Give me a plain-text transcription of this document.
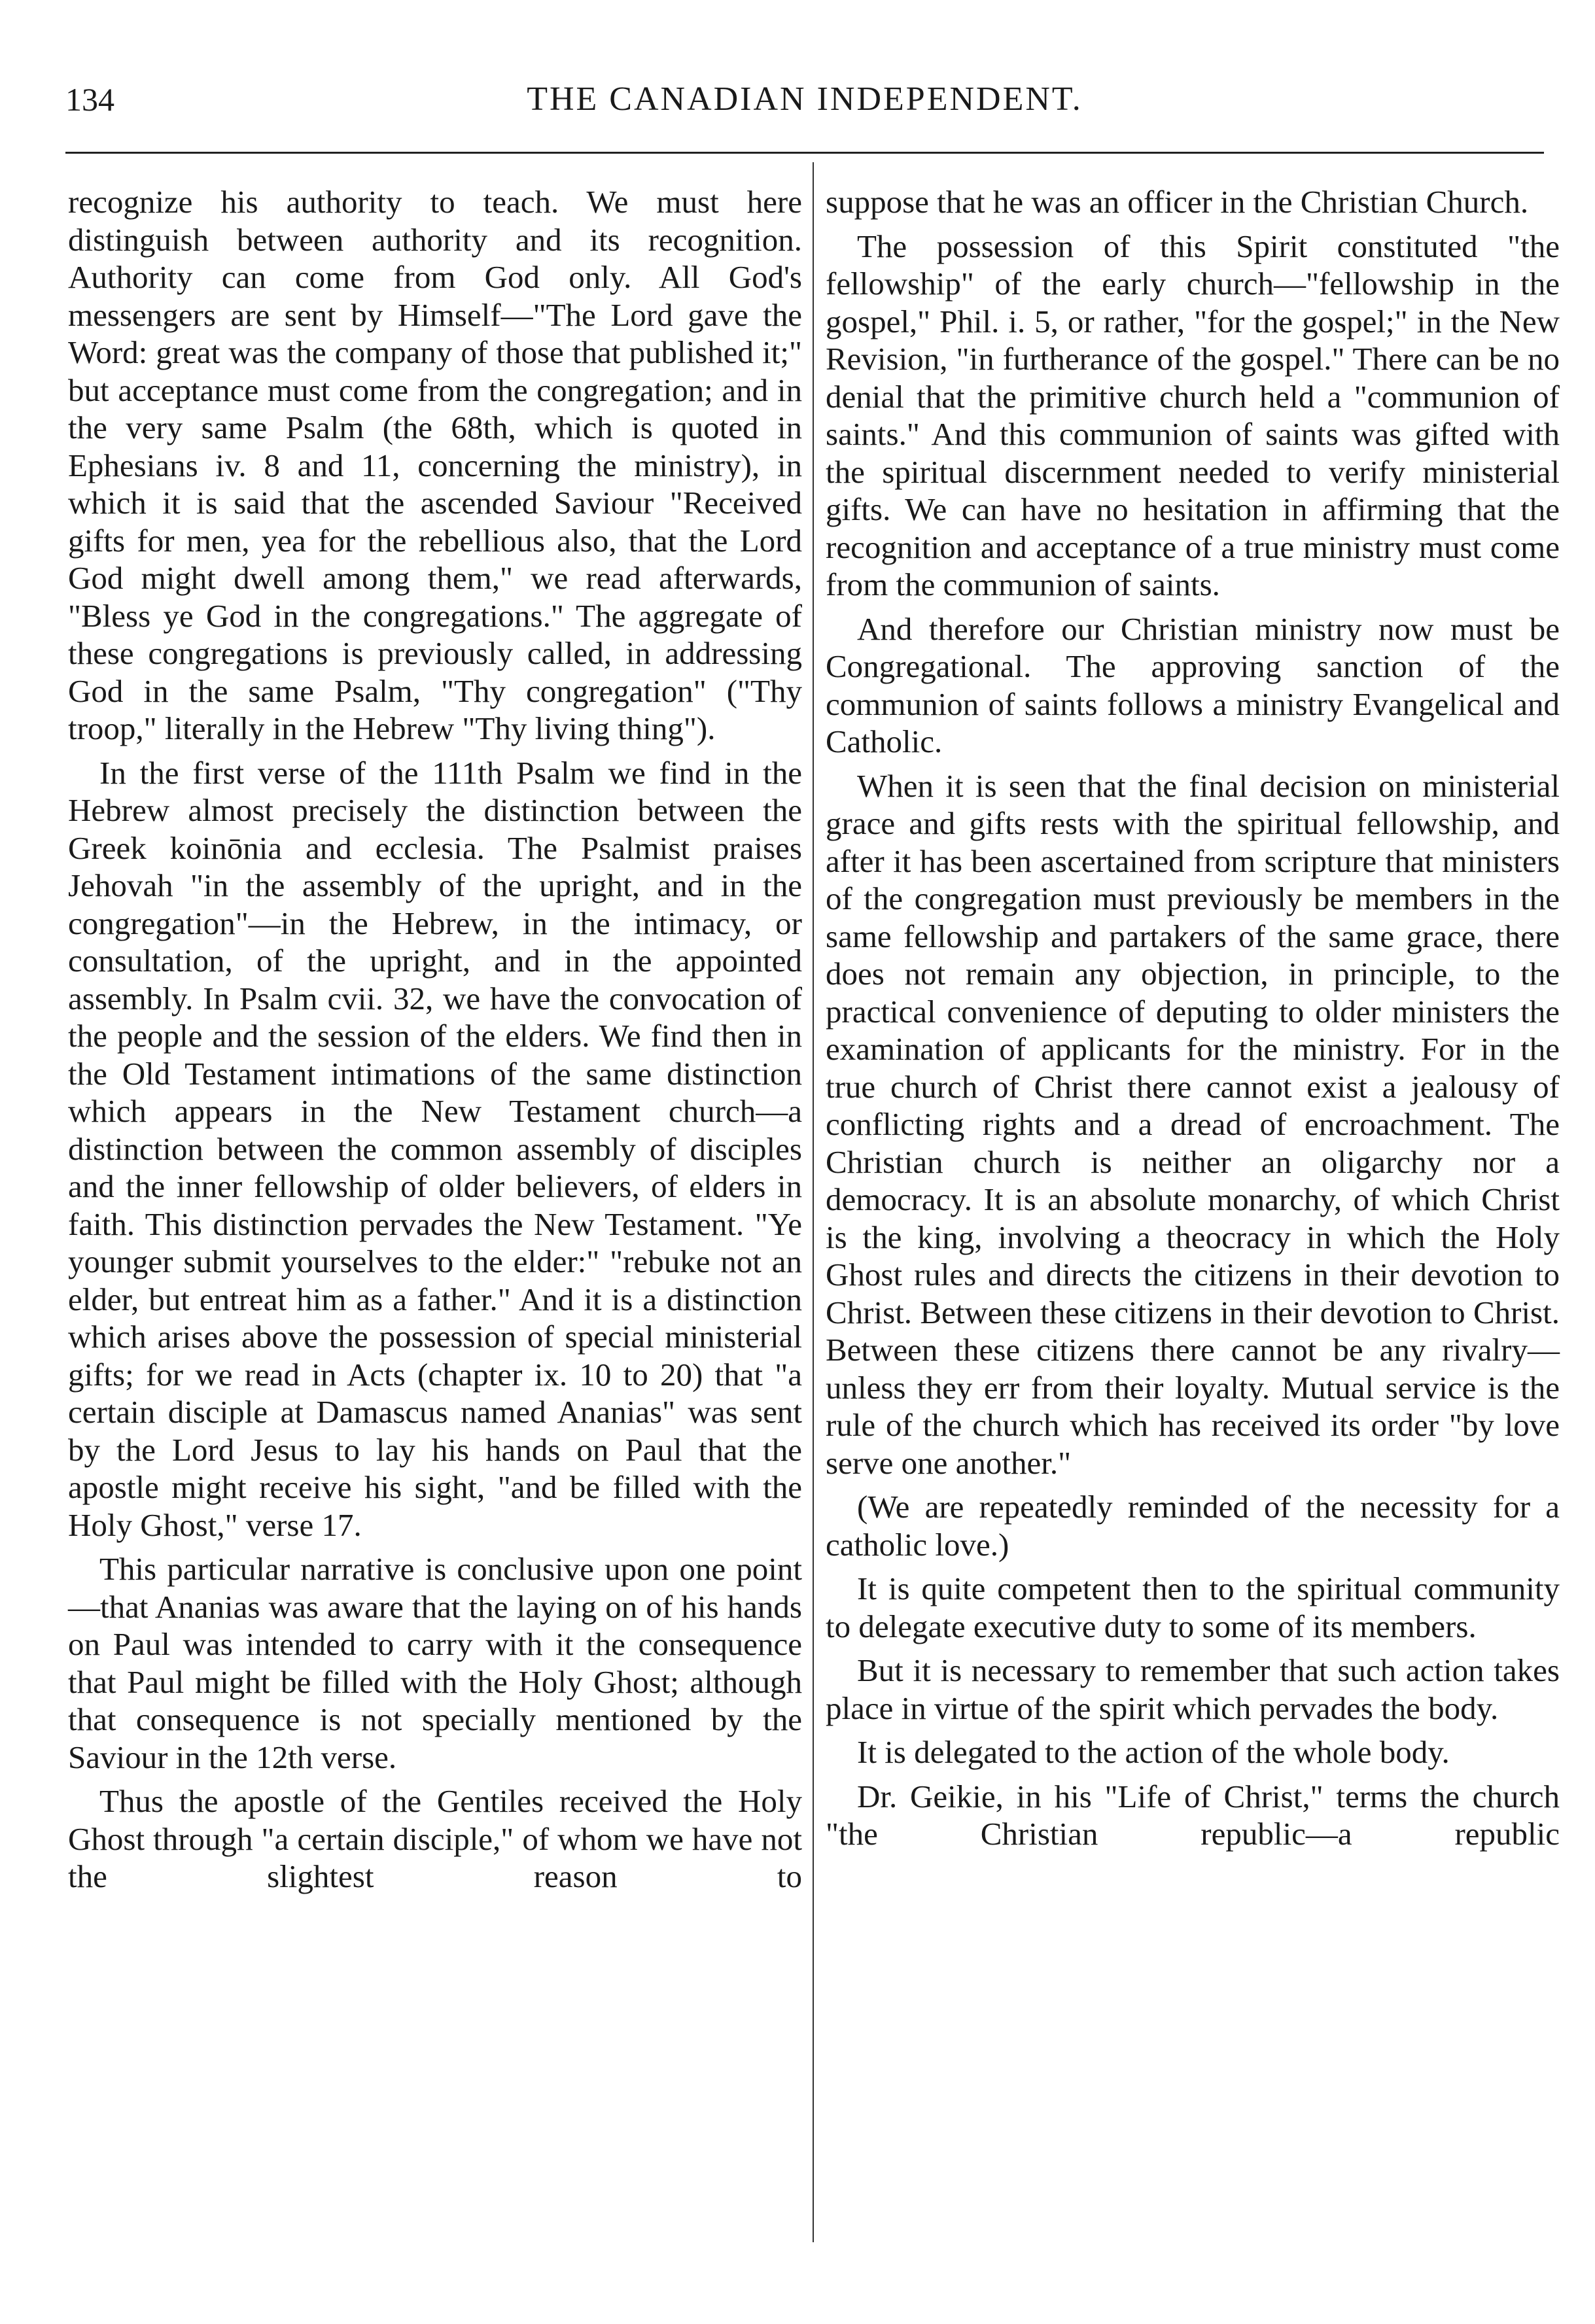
134	THE CANADIAN INDEPENDENT.

recognize his authority to teach. We must here distinguish between authority and its recognition. Authority can come from God only. All God's messengers are sent by Himself—"The Lord gave the Word: great was the company of those that published it;" but acceptance must come from the congregation; and in the very same Psalm (the 68th, which is quoted in Ephesians iv. 8 and 11, concerning the ministry), in which it is said that the ascended Saviour "Received gifts for men, yea for the rebellious also, that the Lord God might dwell among them," we read afterwards, "Bless ye God in the congregations." The aggregate of these congregations is previously called, in addressing God in the same Psalm, "Thy congregation" ("Thy troop," literally in the Hebrew "Thy living thing").

In the first verse of the 111th Psalm we find in the Hebrew almost precisely the distinction between the Greek koinōnia and ecclesia. The Psalmist praises Jehovah "in the assembly of the upright, and in the congregation"—in the Hebrew, in the intimacy, or consultation, of the upright, and in the appointed assembly. In Psalm cvii. 32, we have the convocation of the people and the session of the elders. We find then in the Old Testament intimations of the same distinction which appears in the New Testament church—a distinction between the common assembly of disciples and the inner fellowship of older believers, of elders in faith. This distinction pervades the New Testament. "Ye younger submit yourselves to the elder:" "rebuke not an elder, but entreat him as a father." And it is a distinction which arises above the possession of special ministerial gifts; for we read in Acts (chapter ix. 10 to 20) that "a certain disciple at Damascus named Ananias" was sent by the Lord Jesus to lay his hands on Paul that the apostle might receive his sight, "and be filled with the Holy Ghost," verse 17.

This particular narrative is conclusive upon one point—that Ananias was aware that the laying on of his hands on Paul was intended to carry with it the consequence that Paul might be filled with the Holy Ghost; although that consequence is not specially mentioned by the Saviour in the 12th verse.

Thus the apostle of the Gentiles received the Holy Ghost through "a certain disciple," of whom we have not the slightest reason to

suppose that he was an officer in the Christian Church.

The possession of this Spirit constituted "the fellowship" of the early church—"fellowship in the gospel," Phil. i. 5, or rather, "for the gospel;" in the New Revision, "in furtherance of the gospel." There can be no denial that the primitive church held a "communion of saints." And this communion of saints was gifted with the spiritual discernment needed to verify ministerial gifts. We can have no hesitation in affirming that the recognition and acceptance of a true ministry must come from the communion of saints.

And therefore our Christian ministry now must be Congregational. The approving sanction of the communion of saints follows a ministry Evangelical and Catholic.

When it is seen that the final decision on ministerial grace and gifts rests with the spiritual fellowship, and after it has been ascertained from scripture that ministers of the congregation must previously be members in the same fellowship and partakers of the same grace, there does not remain any objection, in principle, to the practical convenience of deputing to older ministers the examination of applicants for the ministry. For in the true church of Christ there cannot exist a jealousy of conflicting rights and a dread of encroachment. The Christian church is neither an oligarchy nor a democracy. It is an absolute monarchy, of which Christ is the king, involving a theocracy in which the Holy Ghost rules and directs the citizens in their devotion to Christ. Between these citizens in their devotion to Christ. Between these citizens there cannot be any rivalry—unless they err from their loyalty. Mutual service is the rule of the church which has received its order "by love serve one another."

(We are repeatedly reminded of the necessity for a catholic love.)

It is quite competent then to the spiritual community to delegate executive duty to some of its members.

But it is necessary to remember that such action takes place in virtue of the spirit which pervades the body.

It is delegated to the action of the whole body.

Dr. Geikie, in his "Life of Christ," terms the church "the Christian republic—a republic
